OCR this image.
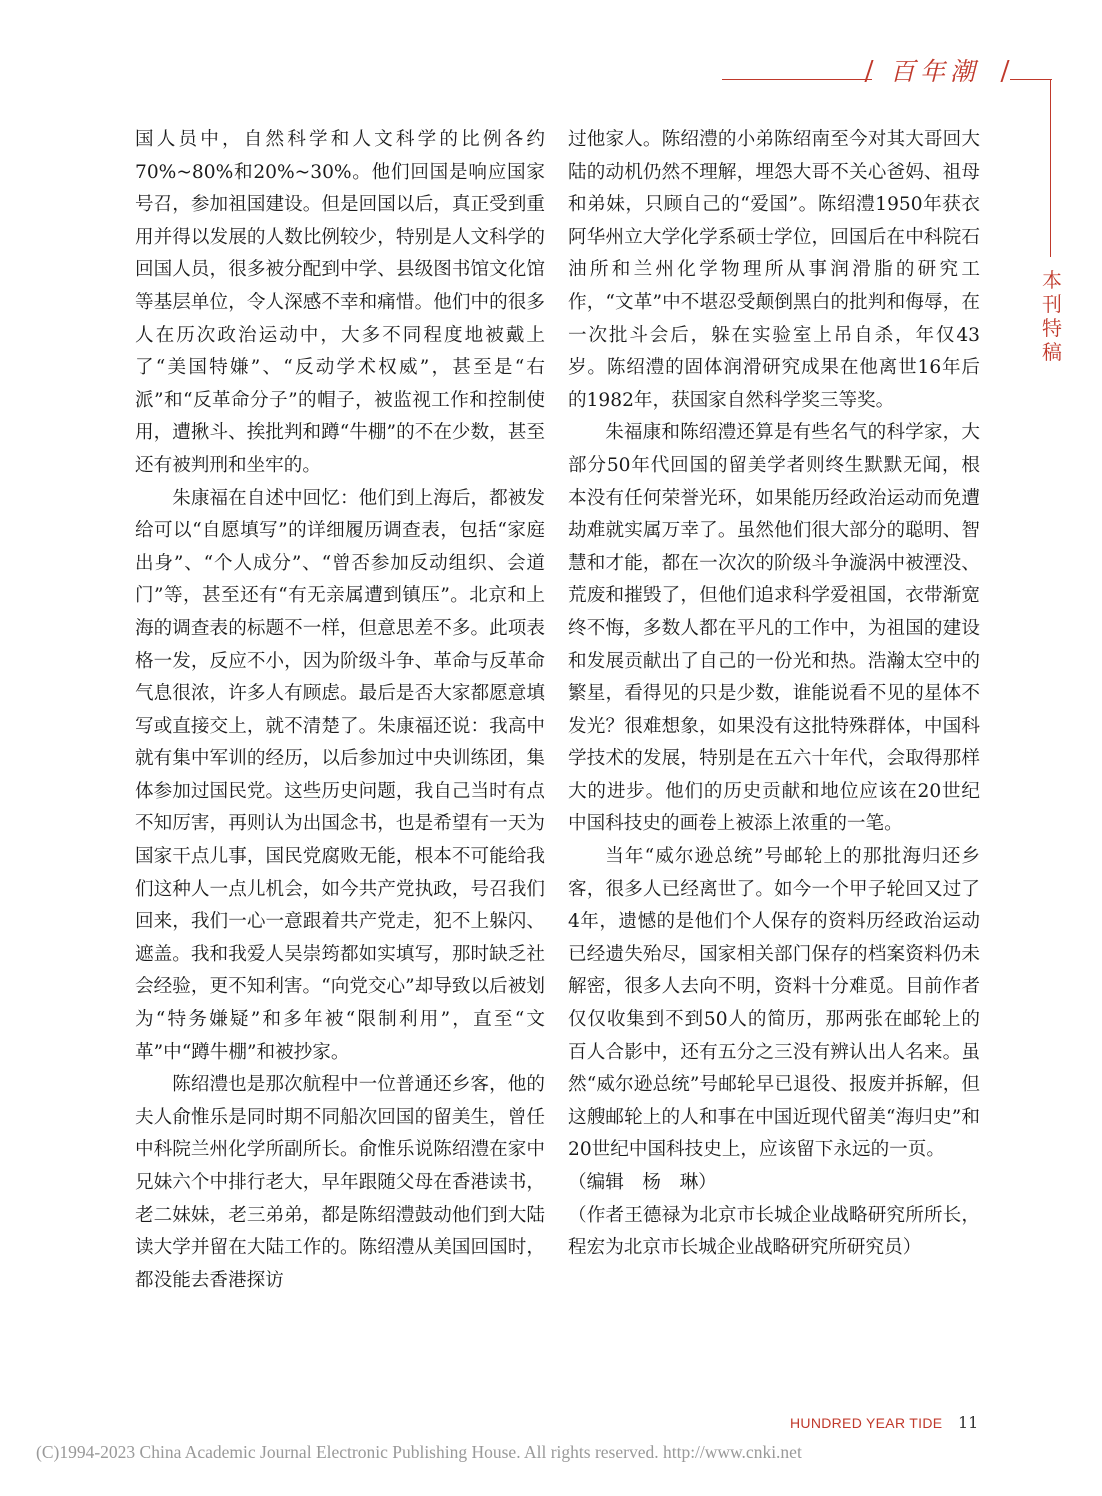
百年潮
本刊特稿

国人员中，自然科学和人文科学的比例各约70%~80%和20%~30%。他们回国是响应国家号召，参加祖国建设。但是回国以后，真正受到重用并得以发展的人数比例较少，特别是人文科学的回国人员，很多被分配到中学、县级图书馆文化馆等基层单位，令人深感不幸和痛惜。他们中的很多人在历次政治运动中，大多不同程度地被戴上了“美国特嫌”、“反动学术权威”，甚至是“右派”和“反革命分子”的帽子，被监视工作和控制使用，遭揪斗、挨批判和蹲“牛棚”的不在少数，甚至还有被判刑和坐牢的。

朱康福在自述中回忆：他们到上海后，都被发给可以“自愿填写”的详细履历调查表，包括“家庭出身”、“个人成分”、“曾否参加反动组织、会道门”等，甚至还有“有无亲属遭到镇压”。北京和上海的调查表的标题不一样，但意思差不多。此项表格一发，反应不小，因为阶级斗争、革命与反革命气息很浓，许多人有顾虑。最后是否大家都愿意填写或直接交上，就不清楚了。朱康福还说：我高中就有集中军训的经历，以后参加过中央训练团，集体参加过国民党。这些历史问题，我自己当时有点不知厉害，再则认为出国念书，也是希望有一天为国家干点儿事，国民党腐败无能，根本不可能给我们这种人一点儿机会，如今共产党执政，号召我们回来，我们一心一意跟着共产党走，犯不上躲闪、遮盖。我和我爱人吴崇筠都如实填写，那时缺乏社会经验，更不知利害。“向党交心”却导致以后被划为“特务嫌疑”和多年被“限制利用”，直至“文革”中“蹲牛棚”和被抄家。

陈绍澧也是那次航程中一位普通还乡客，他的夫人俞惟乐是同时期不同船次回国的留美生，曾任中科院兰州化学所副所长。俞惟乐说陈绍澧在家中兄妹六个中排行老大，早年跟随父母在香港读书，老二妹妹，老三弟弟，都是陈绍澧鼓动他们到大陆读大学并留在大陆工作的。陈绍澧从美国回国时，都没能去香港探访

过他家人。陈绍澧的小弟陈绍南至今对其大哥回大陆的动机仍然不理解，埋怨大哥不关心爸妈、祖母和弟妹，只顾自己的“爱国”。陈绍澧1950年获衣阿华州立大学化学系硕士学位，回国后在中科院石油所和兰州化学物理所从事润滑脂的研究工作，“文革”中不堪忍受颠倒黑白的批判和侮辱，在一次批斗会后，躲在实验室上吊自杀，年仅43岁。陈绍澧的固体润滑研究成果在他离世16年后的1982年，获国家自然科学奖三等奖。

朱福康和陈绍澧还算是有些名气的科学家，大部分50年代回国的留美学者则终生默默无闻，根本没有任何荣誉光环，如果能历经政治运动而免遭劫难就实属万幸了。虽然他们很大部分的聪明、智慧和才能，都在一次次的阶级斗争漩涡中被湮没、荒废和摧毁了，但他们追求科学爱祖国，衣带渐宽终不悔，多数人都在平凡的工作中，为祖国的建设和发展贡献出了自己的一份光和热。浩瀚太空中的繁星，看得见的只是少数，谁能说看不见的星体不发光？很难想象，如果没有这批特殊群体，中国科学技术的发展，特别是在五六十年代，会取得那样大的进步。他们的历史贡献和地位应该在20世纪中国科技史的画卷上被添上浓重的一笔。

当年“威尔逊总统”号邮轮上的那批海归还乡客，很多人已经离世了。如今一个甲子轮回又过了4年，遗憾的是他们个人保存的资料历经政治运动已经遗失殆尽，国家相关部门保存的档案资料仍未解密，很多人去向不明，资料十分难觅。目前作者仅仅收集到不到50人的简历，那两张在邮轮上的百人合影中，还有五分之三没有辨认出人名来。虽然“威尔逊总统”号邮轮早已退役、报废并拆解，但这艘邮轮上的人和事在中国近现代留美“海归史”和20世纪中国科技史上，应该留下永远的一页。

（编辑　杨　琳）

（作者王德禄为北京市长城企业战略研究所所长，程宏为北京市长城企业战略研究所研究员）

HUNDRED YEAR TIDE 11
(C)1994-2023 China Academic Journal Electronic Publishing House. All rights reserved. http://www.cnki.net
